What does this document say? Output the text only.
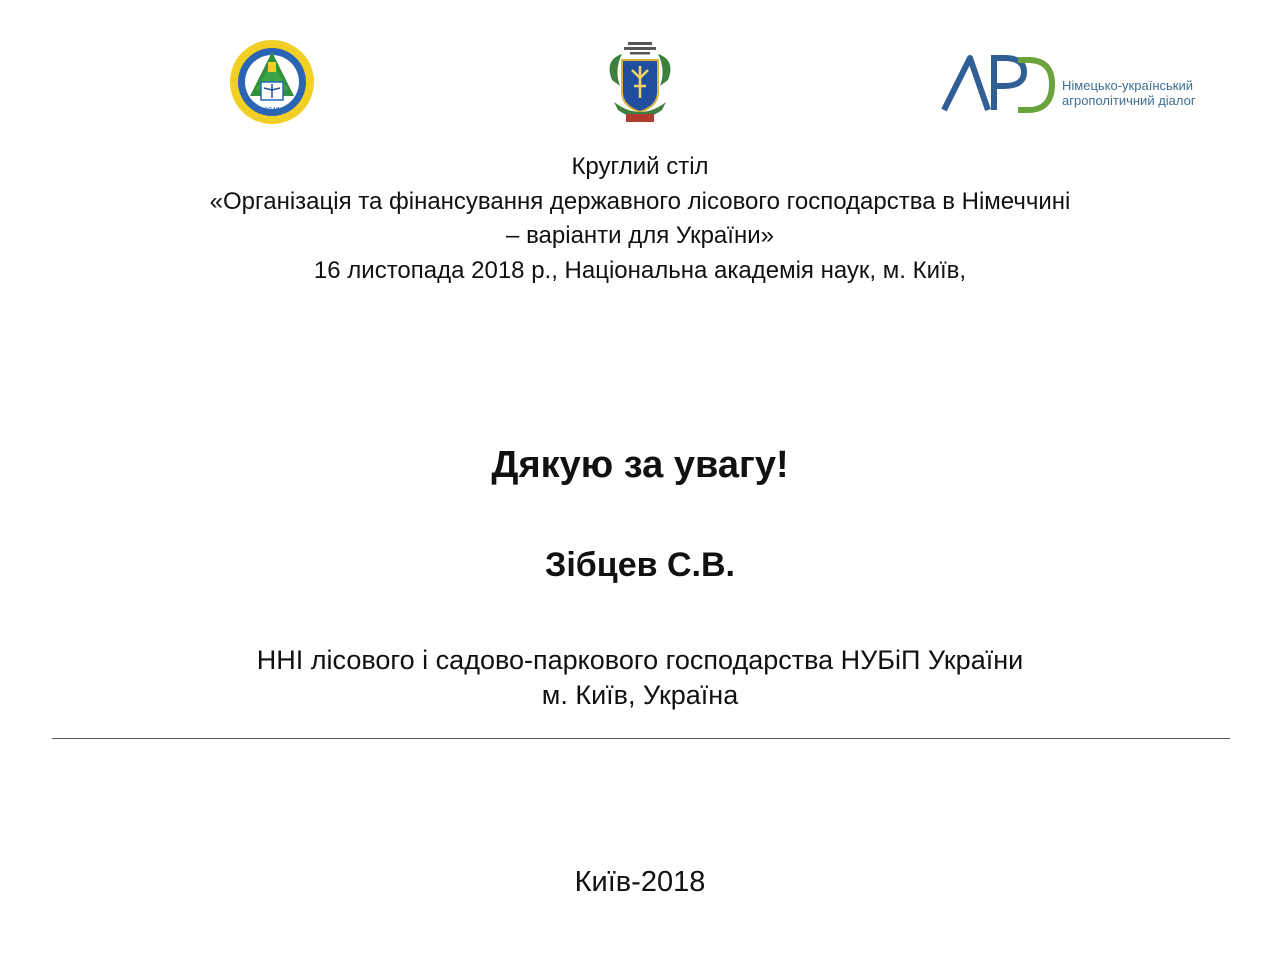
1840
Німецько-український
агрополітичний діалог
Круглий стіл
«Організація та фінансування державного лісового господарства в Німеччині
– варіанти для України»
16 листопада 2018 р., Національна академія наук, м. Київ,
Дякую за увагу!
Зібцев С.В.
ННІ лісового і садово-паркового господарства НУБіП України
м. Київ, Україна
Київ-2018
